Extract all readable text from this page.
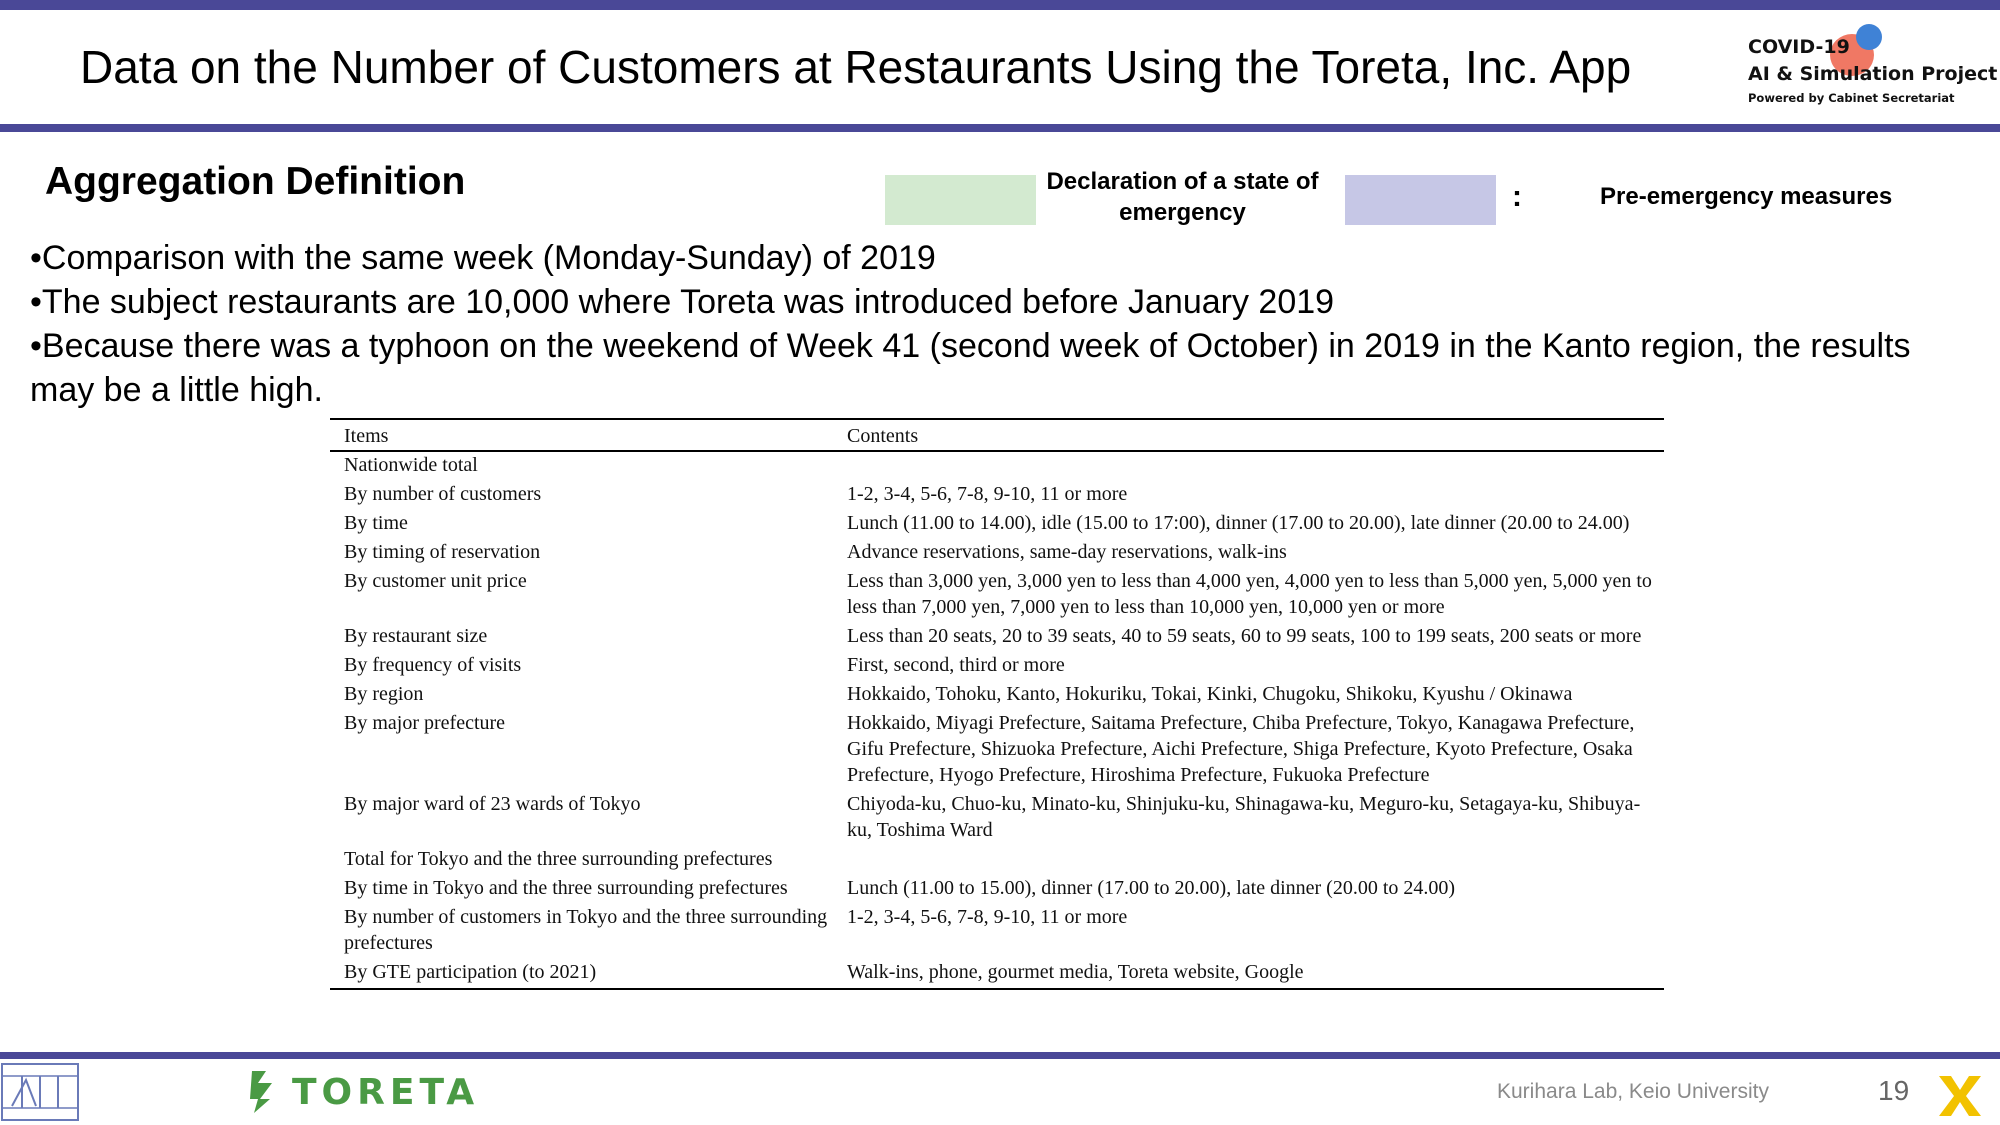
Data on the Number of Customers at Restaurants Using the Toreta, Inc. App	COVID-19
AI & Simulation Project
Powered by Cabinet Secretariat
Aggregation Definition	Declaration of a state of emergency	:	Pre-emergency measures

•Comparison with the same week (Monday-Sunday) of 2019

•The subject restaurants are 10,000 where Toreta was introduced before January 2019

•Because there was a typhoon on the weekend of Week 41 (second week of October) in 2019 in the Kanto region, the results may be a little high.

Items	Contents
Nationwide total	
By number of customers	1-2, 3-4, 5-6, 7-8, 9-10, 11 or more
By time	Lunch (11.00 to 14.00), idle (15.00 to 17:00), dinner (17.00 to 20.00), late dinner (20.00 to 24.00)
By timing of reservation	Advance reservations, same-day reservations, walk-ins
By customer unit price	Less than 3,000 yen, 3,000 yen to less than 4,000 yen, 4,000 yen to less than 5,000 yen, 5,000 yen to less than 7,000 yen, 7,000 yen to less than 10,000 yen, 10,000 yen or more
By restaurant size	Less than 20 seats, 20 to 39 seats, 40 to 59 seats, 60 to 99 seats, 100 to 199 seats, 200 seats or more
By frequency of visits	First, second, third or more
By region	Hokkaido, Tohoku, Kanto, Hokuriku, Tokai, Kinki, Chugoku, Shikoku, Kyushu / Okinawa
By major prefecture	Hokkaido, Miyagi Prefecture, Saitama Prefecture, Chiba Prefecture, Tokyo, Kanagawa Prefecture, Gifu Prefecture, Shizuoka Prefecture, Aichi Prefecture, Shiga Prefecture, Kyoto Prefecture, Osaka Prefecture, Hyogo Prefecture, Hiroshima Prefecture, Fukuoka Prefecture
By major ward of 23 wards of Tokyo	Chiyoda-ku, Chuo-ku, Minato-ku, Shinjuku-ku, Shinagawa-ku, Meguro-ku, Setagaya-ku, Shibuya-ku, Toshima Ward
Total for Tokyo and the three surrounding prefectures	
By time in Tokyo and the three surrounding prefectures	Lunch (11.00 to 15.00), dinner (17.00 to 20.00), late dinner (20.00 to 24.00)
By number of customers in Tokyo and the three surrounding prefectures	1-2, 3-4, 5-6, 7-8, 9-10, 11 or more
By GTE participation (to 2021)	Walk-ins, phone, gourmet media, Toreta website, Google
TORETA	Kurihara Lab, Keio University	19
